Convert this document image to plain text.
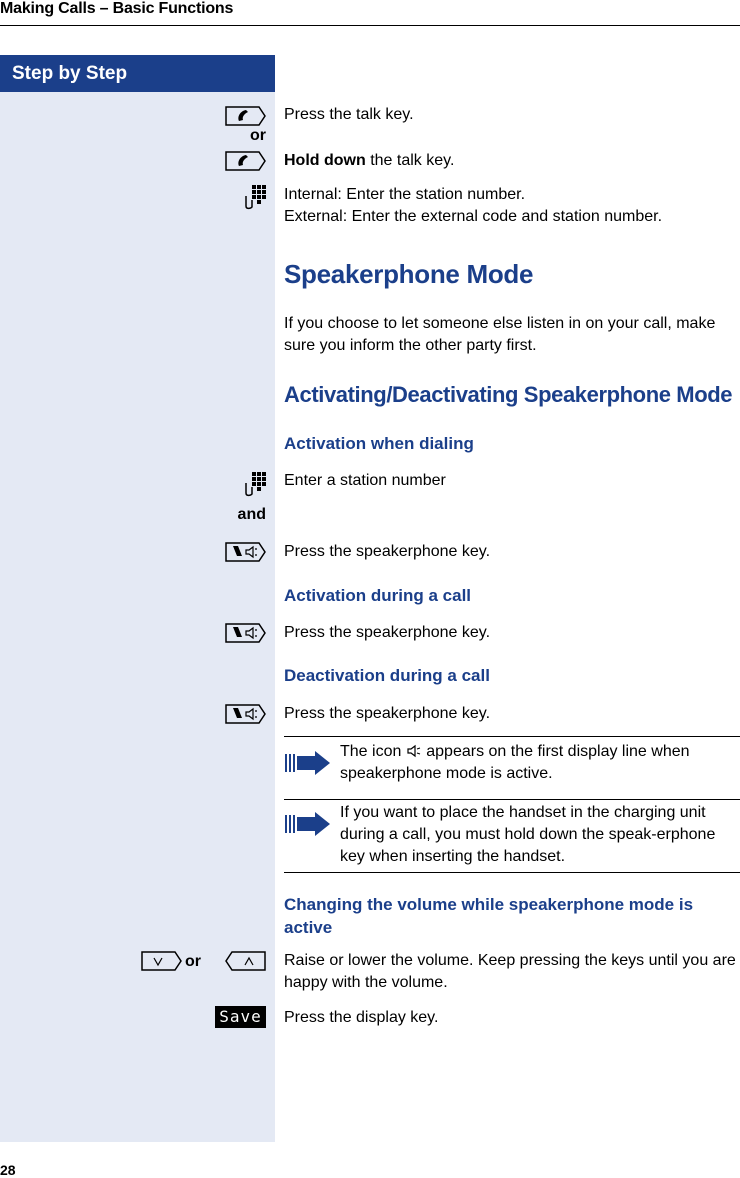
Making Calls – Basic Functions
Step by Step
Press the talk key.
or
Hold down the talk key.
Internal: Enter the station number.
External: Enter the external code and station number.
Speakerphone Mode
If you choose to let someone else listen in on your call, make sure you inform the other party first.
Activating/Deactivating Speakerphone Mode
Activation when dialing
Enter a station number
and
Press the speakerphone key.
Activation during a call
Press the speakerphone key.
Deactivation during a call
Press the speakerphone key.
The icon  appears on the first display line when speakerphone mode is active.
If you want to place the handset in the charging unit during a call, you must hold down the speak-erphone key when inserting the handset.
Changing the volume while speakerphone mode is active
or	Raise or lower the volume. Keep pressing the keys until you are happy with the volume.
Save Press the display key.
28
